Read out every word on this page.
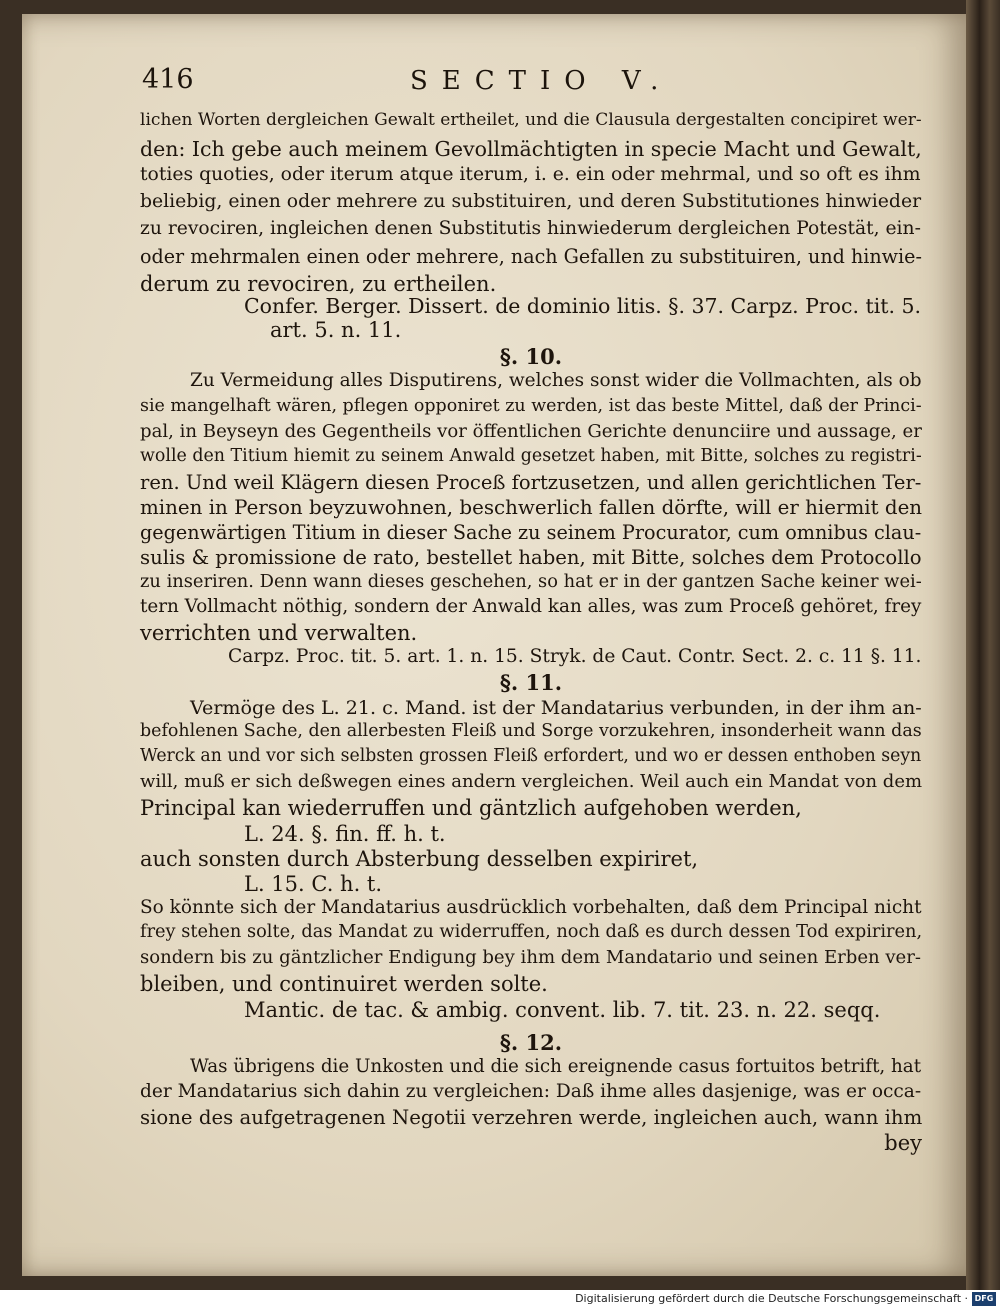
416	SECTIO V.
lichen Worten dergleichen Gewalt ertheilet, und die Clausula dergestalten concipiret wer-
den: Ich gebe auch meinem Gevollmächtigten in specie Macht und Gewalt,
toties quoties, oder iterum atque iterum, i. e. ein oder mehrmal, und so oft es ihm
beliebig, einen oder mehrere zu substituiren, und deren Substitutiones hinwieder
zu revociren, ingleichen denen Substitutis hinwiederum dergleichen Potestät, ein-
oder mehrmalen einen oder mehrere, nach Gefallen zu substituiren, und hinwie-
derum zu revociren, zu ertheilen.
Confer. Berger. Dissert. de dominio litis. §. 37. Carpz. Proc. tit. 5.
art. 5. n. 11.
§. 10.
Zu Vermeidung alles Disputirens, welches sonst wider die Vollmachten, als ob
sie mangelhaft wären, pflegen opponiret zu werden, ist das beste Mittel, daß der Princi-
pal, in Beyseyn des Gegentheils vor öffentlichen Gerichte denunciire und aussage, er
wolle den Titium hiemit zu seinem Anwald gesetzet haben, mit Bitte, solches zu registri-
ren. Und weil Klägern diesen Proceß fortzusetzen, und allen gerichtlichen Ter-
minen in Person beyzuwohnen, beschwerlich fallen dörfte, will er hiermit den
gegenwärtigen Titium in dieser Sache zu seinem Procurator, cum omnibus clau-
sulis & promissione de rato, bestellet haben, mit Bitte, solches dem Protocollo
zu inseriren. Denn wann dieses geschehen, so hat er in der gantzen Sache keiner wei-
tern Vollmacht nöthig, sondern der Anwald kan alles, was zum Proceß gehöret, frey
verrichten und verwalten.
Carpz. Proc. tit. 5. art. 1. n. 15. Stryk. de Caut. Contr. Sect. 2. c. 11 §. 11.
§. 11.
Vermöge des L. 21. c. Mand. ist der Mandatarius verbunden, in der ihm an-
befohlenen Sache, den allerbesten Fleiß und Sorge vorzukehren, insonderheit wann das
Werck an und vor sich selbsten grossen Fleiß erfordert, und wo er dessen enthoben seyn
will, muß er sich deßwegen eines andern vergleichen. Weil auch ein Mandat von dem
Principal kan wiederruffen und gäntzlich aufgehoben werden,
L. 24. §. fin. ff. h. t.
auch sonsten durch Absterbung desselben expiriret,
L. 15. C. h. t.
So könnte sich der Mandatarius ausdrücklich vorbehalten, daß dem Principal nicht
frey stehen solte, das Mandat zu widerruffen, noch daß es durch dessen Tod expiriren,
sondern bis zu gäntzlicher Endigung bey ihm dem Mandatario und seinen Erben ver-
bleiben, und continuiret werden solte.
Mantic. de tac. & ambig. convent. lib. 7. tit. 23. n. 22. seqq.
§. 12.
Was übrigens die Unkosten und die sich ereignende casus fortuitos betrift, hat
der Mandatarius sich dahin zu vergleichen: Daß ihme alles dasjenige, was er occa-
sione des aufgetragenen Negotii verzehren werde, ingleichen auch, wann ihm
bey
Digitalisierung gefördert durch die Deutsche Forschungsgemeinschaft · DFG
